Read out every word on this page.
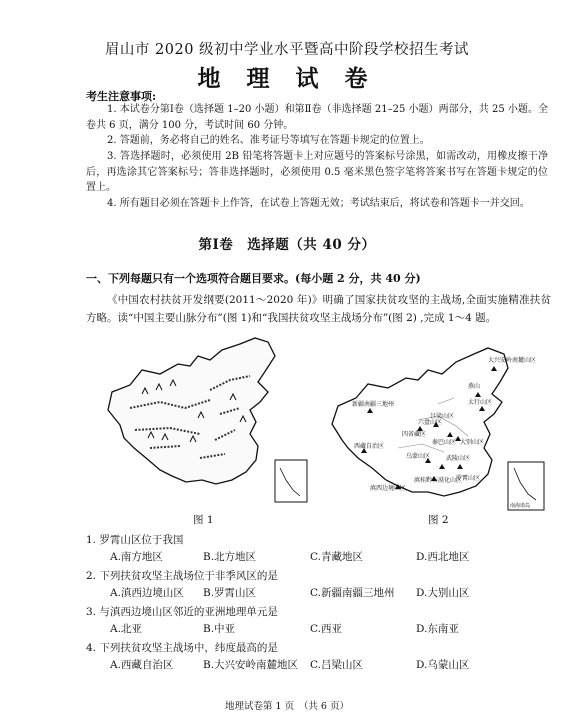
眉山市 2020 级初中学业水平暨高中阶段学校招生考试
地 理 试 卷
考生注意事项:
1. 本试卷分第Ⅰ卷（选择题 1–20 小题）和第Ⅱ卷（非选择题 21–25 小题）两部分，共 25 小题。全卷共 6 页，满分 100 分，考试时间 60 分钟。
2. 答题前，务必将自己的姓名、准考证号等填写在答题卡规定的位置上。
3. 答选择题时，必须使用 2B 铅笔将答题卡上对应题号的答案标号涂黑，如需改动，用橡皮擦干净后，再选涂其它答案标号；答非选择题时，必须使用 0.5 毫米黑色签字笔将答案书写在答题卡规定的位置上。
4. 所有题目必须在答题卡上作答，在试卷上答题无效；考试结束后，将试卷和答题卡一并交回。
第Ⅰ卷　选择题（共 40 分）
一、下列每题只有一个选项符合题目要求。(每小题 2 分，共 40 分)
《中国农村扶贫开发纲要(2011～2020 年)》明确了国家扶贫攻坚的主战场,全面实施精准扶贫方略。读“中国主要山脉分布”(图 1)和“我国扶贫攻坚主战场分布”(图 2) ,完成 1～4 题。
图 1
大兴安岭南麓山区
燕山
太行山区
新疆南疆三地州
吕梁山区
六盘山区
四省藏区
秦巴山区 大别山区
西藏自治区
乌蒙山区	武陵山区
罗霄山区
滇桂黔石漠化山区
滇西边境山区
南海诸岛
图 2
1. 罗霄山区位于我国
A.南方地区	B.北方地区	C.青藏地区	D.西北地区
2. 下列扶贫攻坚主战场位于非季风区的是
A.滇西边境山区 B.罗霄山区	C.新疆南疆三地州 D.大别山区
3. 与滇西边境山区邻近的亚洲地理单元是
A.北亚	B.中亚	C.西亚	D.东南亚
4. 下列扶贫攻坚主战场中，纬度最高的是
A.西藏自治区	B.大兴安岭南麓地区 C.吕梁山区	D.乌蒙山区
地理试卷第 1 页　（共 6 页）
